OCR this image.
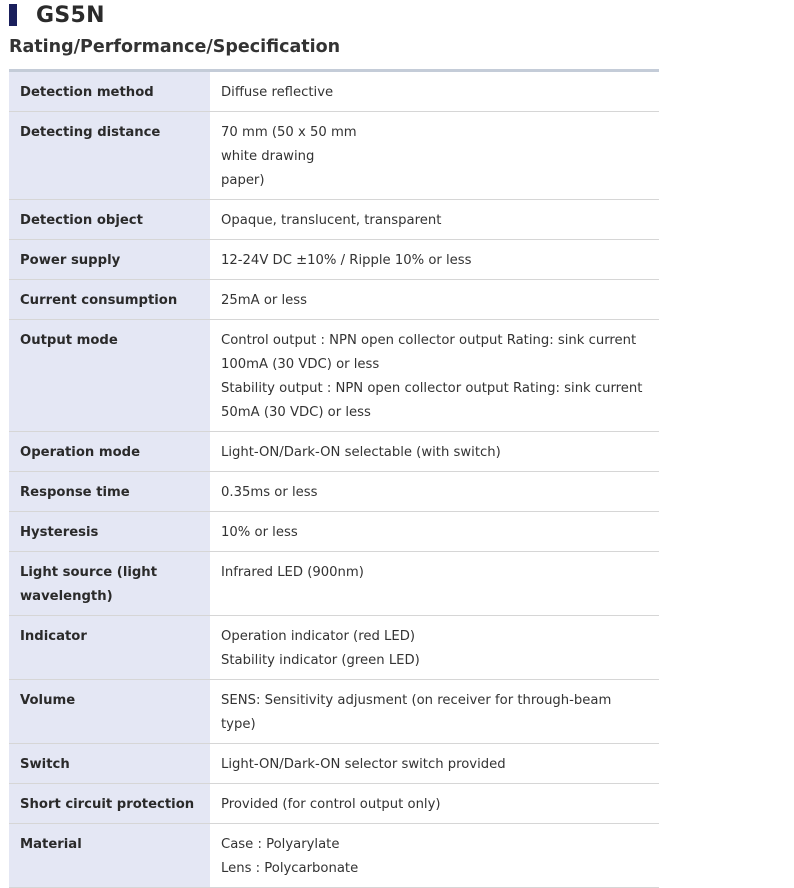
GS5N
Rating/Performance/Specification
Detection method	Diffuse reflective

Detecting distance	70 mm (50 x 50 mm
white drawing
paper)

Detection object	Opaque, translucent, transparent

Power supply	12-24V DC ±10% / Ripple 10% or less

Current consumption	25mA or less

Output mode	Control output : NPN open collector output Rating: sink current
100mA (30 VDC) or less
Stability output : NPN open collector output Rating: sink current
50mA (30 VDC) or less

Operation mode	Light-ON/Dark-ON selectable (with switch)

Response time	0.35ms or less

Hysteresis	10% or less

Light source (light wavelength)	Infrared LED (900nm)

Indicator	Operation indicator (red LED)
Stability indicator (green LED)

Volume	SENS: Sensitivity adjusment (on receiver for through-beam type)

Switch	Light-ON/Dark-ON selector switch provided

Short circuit protection	Provided (for control output only)

Material	Case : Polyarylate
Lens : Polycarbonate
